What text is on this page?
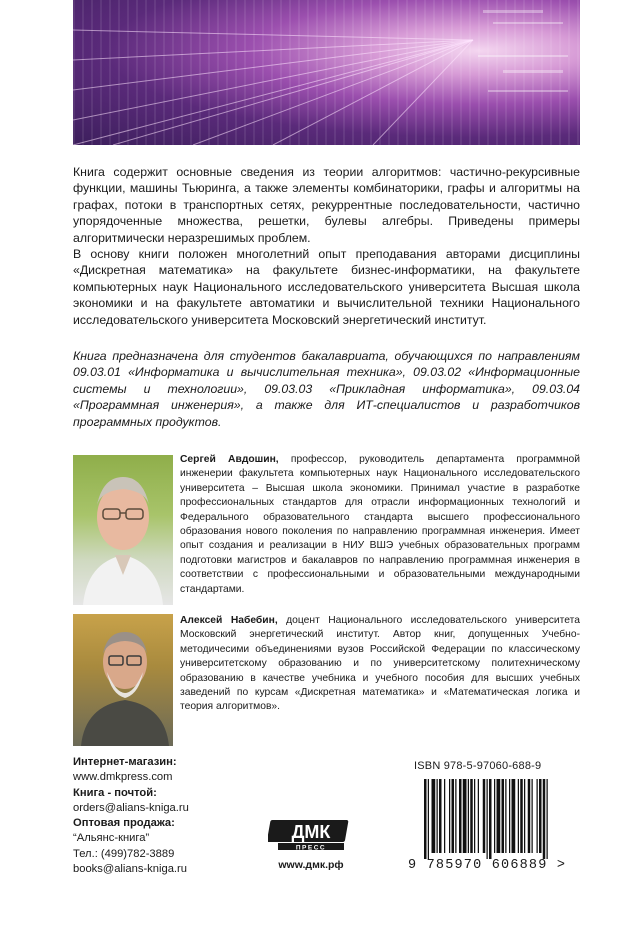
Книга содержит основные сведения из теории алгоритмов: частично-рекурсивные функции, машины Тьюринга, а также элементы комбинаторики, графы и алгоритмы на графах, потоки в транспортных сетях, рекуррентные последовательности, частично упорядоченные множества, решетки, булевы алгебры. Приведены примеры алгоритмически неразрешимых проблем.

В основу книги положен многолетний опыт преподавания авторами дисциплины «Дискретная математика» на факультете бизнес-информатики, на факультете компьютерных наук Национального исследовательского университета Высшая школа экономики и на факультете автоматики и вычислительной техники Национального исследовательского университета Московский энергетический институт.

Книга предназначена для студентов бакалавриата, обучающихся по направлениям 09.03.01 «Информатика и вычислительная техника», 09.03.02 «Информационные системы и технологии», 09.03.03 «Прикладная информатика», 09.03.04 «Программная инженерия», а также для ИТ-специалистов и разработчиков программных продуктов.
Сергей Авдошин, профессор, руководитель департамента программной инженерии факультета компьютерных наук Национального исследовательского университета – Высшая школа экономики. Принимал участие в разработке профессиональных стандартов для отрасли информационных технологий и Федерального образовательного стандарта высшего профессионального образования нового поколения по направлению программная инженерия. Имеет опыт создания и реализации в НИУ ВШЭ учебных образовательных программ подготовки магистров и бакалавров по направлению программная инженерия в соответствии с профессиональными и образовательными международными стандартами.
Алексей Набебин, доцент Национального исследовательского университета Московский энергетический институт. Автор книг, допущенных Учебно-методичесими объединениями вузов Российской Федерации по классическому университетскому образованию и по университетскому политехническому образованию в качестве учебника и учебного пособия для высших учебных заведений по курсам «Дискретная математика» и «Математическая логика и теория алгоритмов».
Интернет-магазин:
www.dmkpress.com
Книга - почтой:
orders@alians-kniga.ru
Оптовая продажа:
“Альянс-книга”
Тел.: (499)782-3889
books@alians-kniga.ru
ДМК
ПРЕСС
www.дмк.рф
ISBN 978-5-97060-688-9
9 785970 606889 >
